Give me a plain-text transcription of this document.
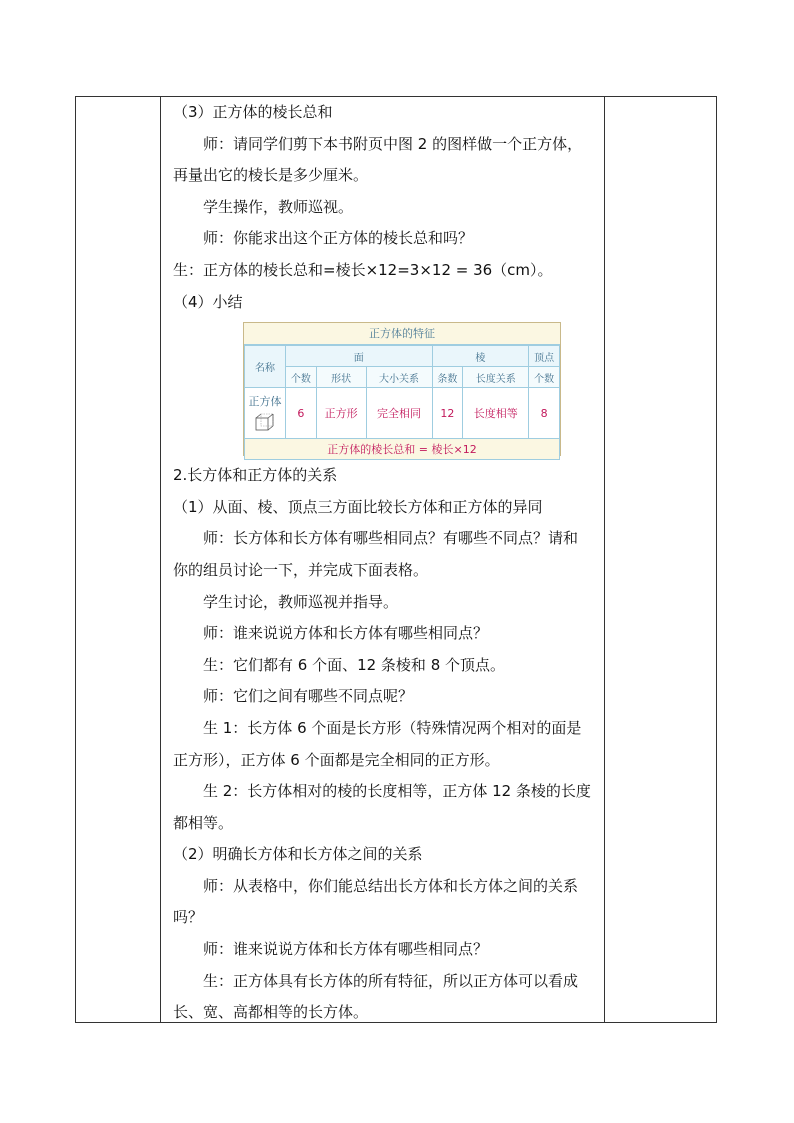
（3）正方体的棱长总和
师：请同学们剪下本书附页中图 2 的图样做一个正方体，
再量出它的棱长是多少厘米。
学生操作，教师巡视。
师：你能求出这个正方体的棱长总和吗？
生：正方体的棱长总和=棱长×12=3×12 = 36（cm）。
（4）小结
正方体的特征
名称	面			棱		顶点
	个数	形状	大小关系	条数	长度关系	个数

正方体	6	正方形	完全相同	12	长度相等	8
正方体的棱长总和 = 棱长×12						
2.长方体和正方体的关系
（1）从面、棱、顶点三方面比较长方体和正方体的异同
师：长方体和长方体有哪些相同点？有哪些不同点？请和
你的组员讨论一下，并完成下面表格。
学生讨论，教师巡视并指导。
师：谁来说说方体和长方体有哪些相同点？
生：它们都有 6 个面、12 条棱和 8 个顶点。
师：它们之间有哪些不同点呢？
生 1：长方体 6 个面是长方形（特殊情况两个相对的面是
正方形），正方体 6 个面都是完全相同的正方形。
生 2：长方体相对的棱的长度相等，正方体 12 条棱的长度
都相等。
（2）明确长方体和长方体之间的关系
师：从表格中，你们能总结出长方体和长方体之间的关系
吗？
师：谁来说说方体和长方体有哪些相同点？
生：正方体具有长方体的所有特征，所以正方体可以看成
长、宽、高都相等的长方体。
